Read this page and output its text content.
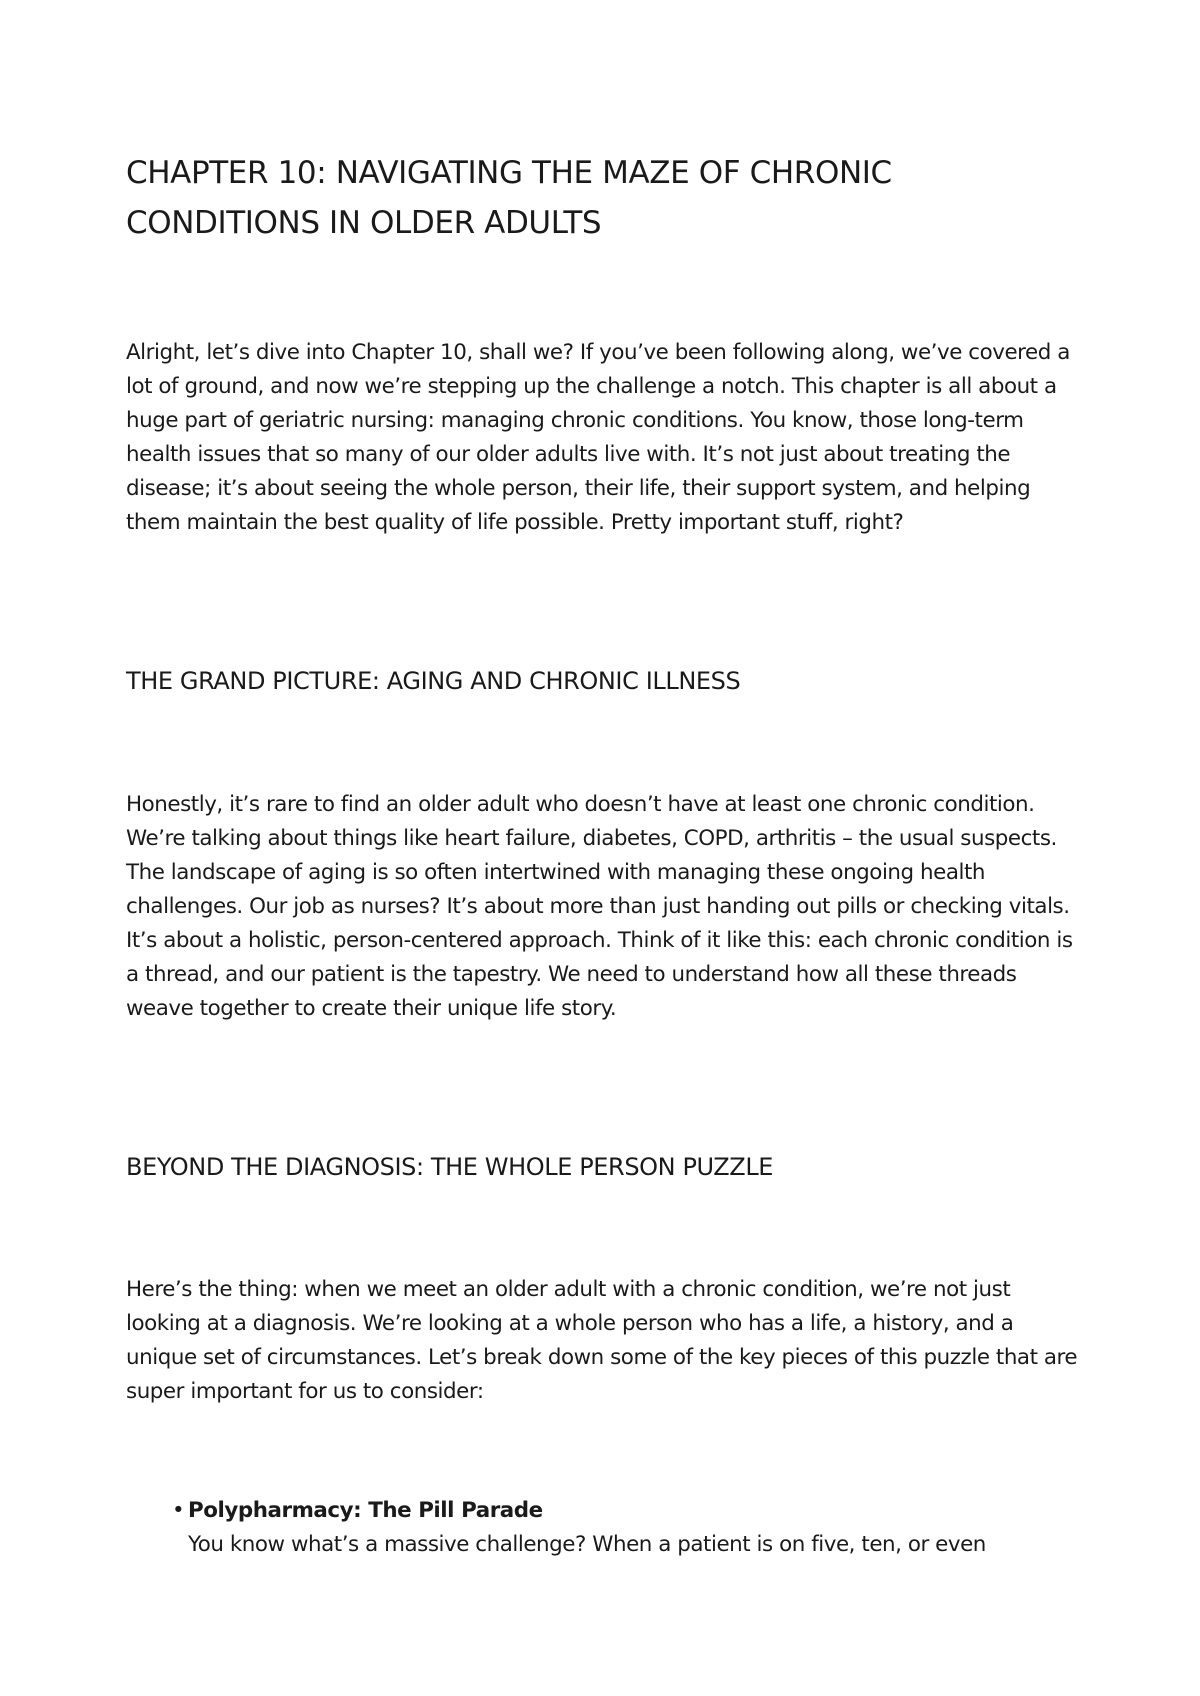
CHAPTER 10: NAVIGATING THE MAZE OF CHRONIC CONDITIONS IN OLDER ADULTS

Alright, let’s dive into Chapter 10, shall we? If you’ve been following along, we’ve covered a lot of ground, and now we’re stepping up the challenge a notch. This chapter is all about a huge part of geriatric nursing: managing chronic conditions. You know, those long-term health issues that so many of our older adults live with. It’s not just about treating the disease; it’s about seeing the whole person, their life, their support system, and helping them maintain the best quality of life possible. Pretty important stuff, right?

THE GRAND PICTURE: AGING AND CHRONIC ILLNESS

Honestly, it’s rare to find an older adult who doesn’t have at least one chronic condition. We’re talking about things like heart failure, diabetes, COPD, arthritis – the usual suspects. The landscape of aging is so often intertwined with managing these ongoing health challenges. Our job as nurses? It’s about more than just handing out pills or checking vitals. It’s about a holistic, person-centered approach. Think of it like this: each chronic condition is a thread, and our patient is the tapestry. We need to understand how all these threads weave together to create their unique life story.

BEYOND THE DIAGNOSIS: THE WHOLE PERSON PUZZLE

Here’s the thing: when we meet an older adult with a chronic condition, we’re not just looking at a diagnosis. We’re looking at a whole person who has a life, a history, and a unique set of circumstances. Let’s break down some of the key pieces of this puzzle that are super important for us to consider:

• Polypharmacy: The Pill Parade
You know what’s a massive challenge? When a patient is on five, ten, or even
